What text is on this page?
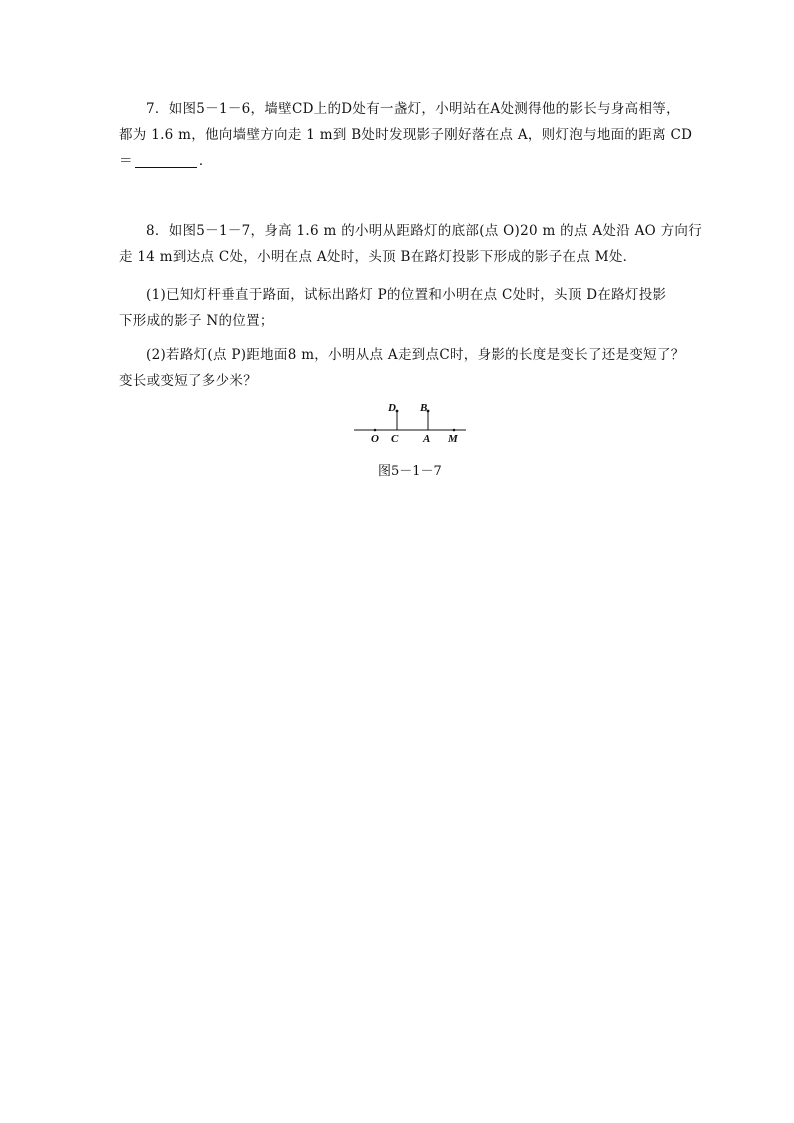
7．如图5－1－6，墙壁CD上的D处有一盏灯，小明站在A处测得他的影长与身高相等，
都为 1.6 m，他向墙壁方向走 1 m到 B处时发现影子刚好落在点 A，则灯泡与地面的距离 CD
＝	．
8．如图5－1－7，身高 1.6 m 的小明从距路灯的底部(点 O)20 m 的点 A处沿 AO 方向行
走 14 m到达点 C处，小明在点 A处时，头顶 B在路灯投影下形成的影子在点 M处．
(1)已知灯杆垂直于路面，试标出路灯 P的位置和小明在点 C处时，头顶 D在路灯投影
下形成的影子 N的位置；
(2)若路灯(点 P)距地面8 m，小明从点 A走到点C时，身影的长度是变长了还是变短了？
变长或变短了多少米？
D B
O C A M
图5－1－7
